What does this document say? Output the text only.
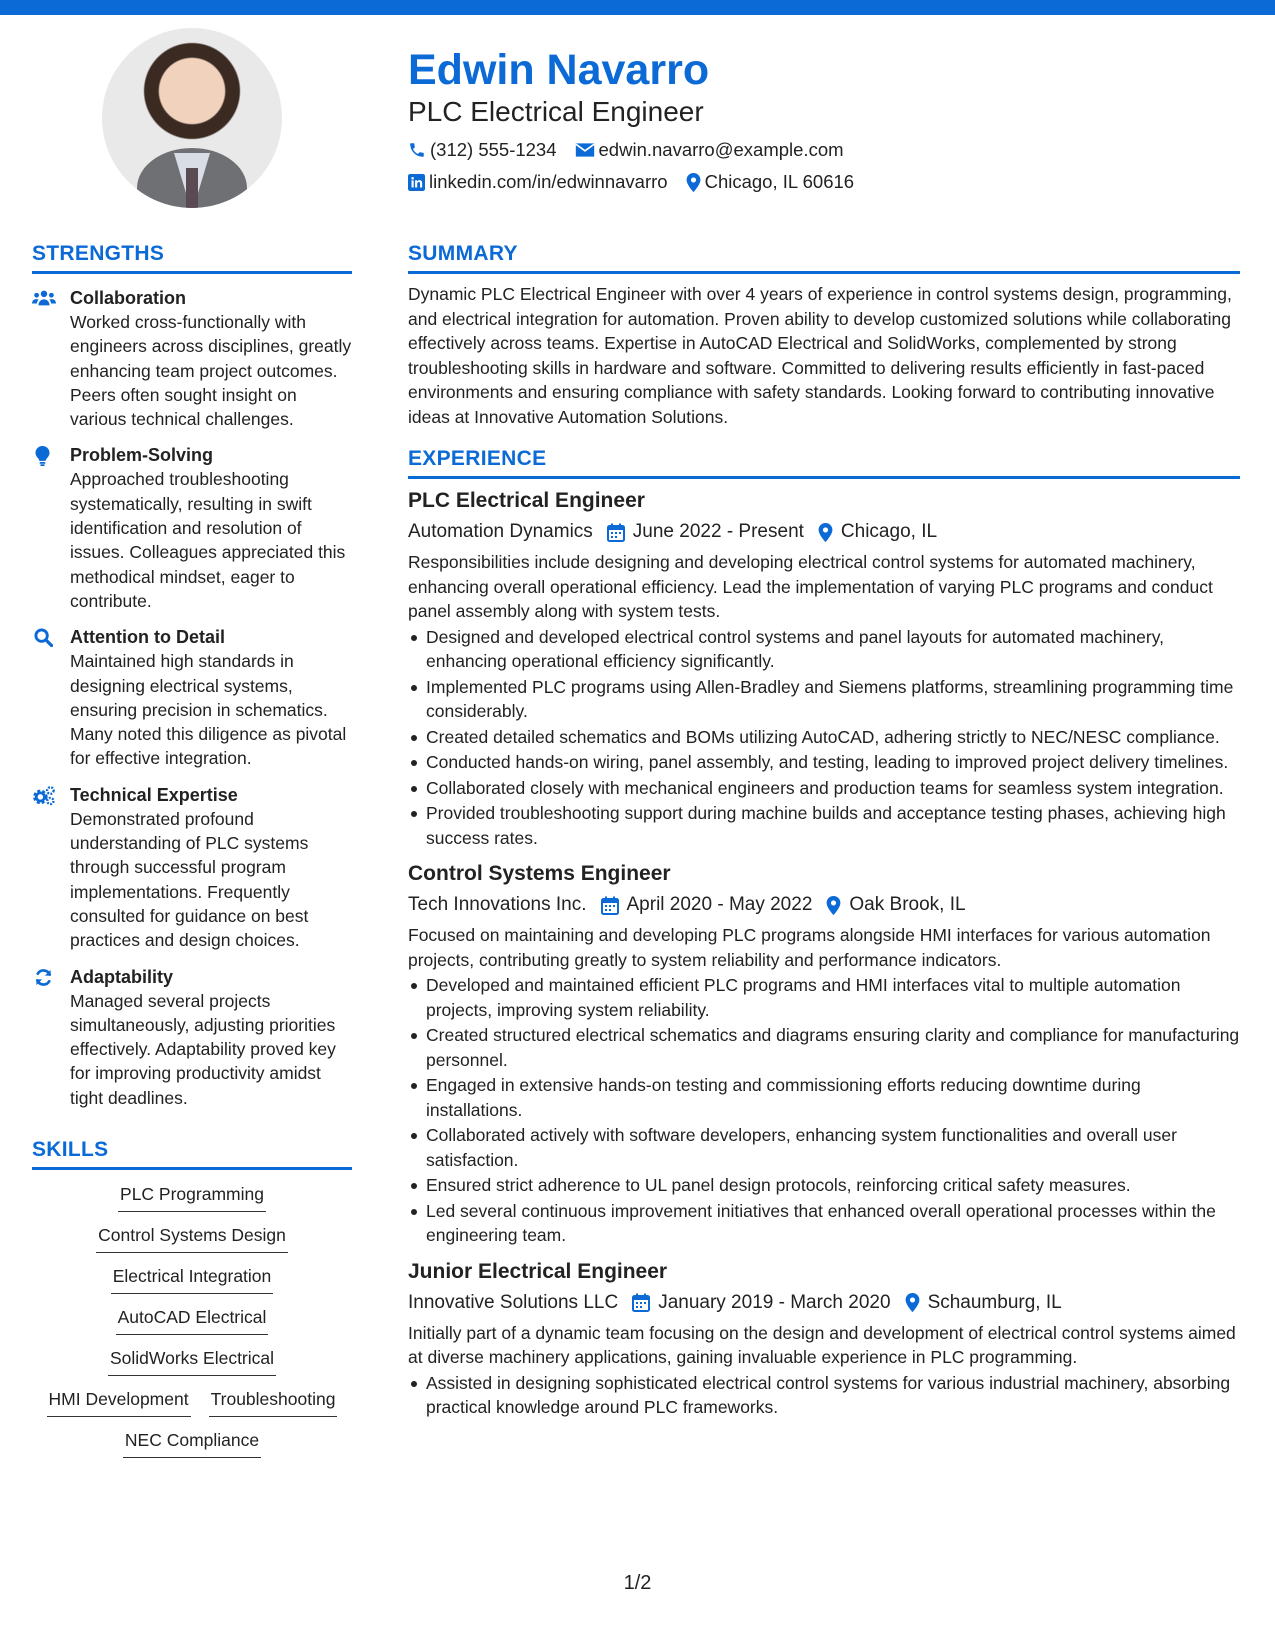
Edwin Navarro
PLC Electrical Engineer
(312) 555-1234 edwin.navarro@example.com
linkedin.com/in/edwinnavarro Chicago, IL 60616
STRENGTHS
Collaboration
Worked cross-functionally with engineers across disciplines, greatly enhancing team project outcomes. Peers often sought insight on various technical challenges.
Problem-Solving
Approached troubleshooting systematically, resulting in swift identification and resolution of issues. Colleagues appreciated this methodical mindset, eager to contribute.
Attention to Detail
Maintained high standards in designing electrical systems, ensuring precision in schematics. Many noted this diligence as pivotal for effective integration.
Technical Expertise
Demonstrated profound understanding of PLC systems through successful program implementations. Frequently consulted for guidance on best practices and design choices.
Adaptability
Managed several projects simultaneously, adjusting priorities effectively. Adaptability proved key for improving productivity amidst tight deadlines.
SKILLS
PLC Programming
Control Systems Design
Electrical Integration
AutoCAD Electrical
SolidWorks Electrical
HMI Development Troubleshooting
NEC Compliance
SUMMARY
Dynamic PLC Electrical Engineer with over 4 years of experience in control systems design, programming, and electrical integration for automation. Proven ability to develop customized solutions while collaborating effectively across teams. Expertise in AutoCAD Electrical and SolidWorks, complemented by strong troubleshooting skills in hardware and software. Committed to delivering results efficiently in fast-paced environments and ensuring compliance with safety standards. Looking forward to contributing innovative ideas at Innovative Automation Solutions.
EXPERIENCE
PLC Electrical Engineer
Automation Dynamics June 2022 - Present Chicago, IL
Responsibilities include designing and developing electrical control systems for automated machinery, enhancing overall operational efficiency. Lead the implementation of varying PLC programs and conduct panel assembly along with system tests.
Designed and developed electrical control systems and panel layouts for automated machinery, enhancing operational efficiency significantly.
Implemented PLC programs using Allen-Bradley and Siemens platforms, streamlining programming time considerably.
Created detailed schematics and BOMs utilizing AutoCAD, adhering strictly to NEC/NESC compliance.
Conducted hands-on wiring, panel assembly, and testing, leading to improved project delivery timelines.
Collaborated closely with mechanical engineers and production teams for seamless system integration.
Provided troubleshooting support during machine builds and acceptance testing phases, achieving high success rates.
Control Systems Engineer
Tech Innovations Inc. April 2020 - May 2022 Oak Brook, IL
Focused on maintaining and developing PLC programs alongside HMI interfaces for various automation projects, contributing greatly to system reliability and performance indicators.
Developed and maintained efficient PLC programs and HMI interfaces vital to multiple automation projects, improving system reliability.
Created structured electrical schematics and diagrams ensuring clarity and compliance for manufacturing personnel.
Engaged in extensive hands-on testing and commissioning efforts reducing downtime during installations.
Collaborated actively with software developers, enhancing system functionalities and overall user satisfaction.
Ensured strict adherence to UL panel design protocols, reinforcing critical safety measures.
Led several continuous improvement initiatives that enhanced overall operational processes within the engineering team.
Junior Electrical Engineer
Innovative Solutions LLC January 2019 - March 2020 Schaumburg, IL
Initially part of a dynamic team focusing on the design and development of electrical control systems aimed at diverse machinery applications, gaining invaluable experience in PLC programming.
Assisted in designing sophisticated electrical control systems for various industrial machinery, absorbing practical knowledge around PLC frameworks.
1/2
